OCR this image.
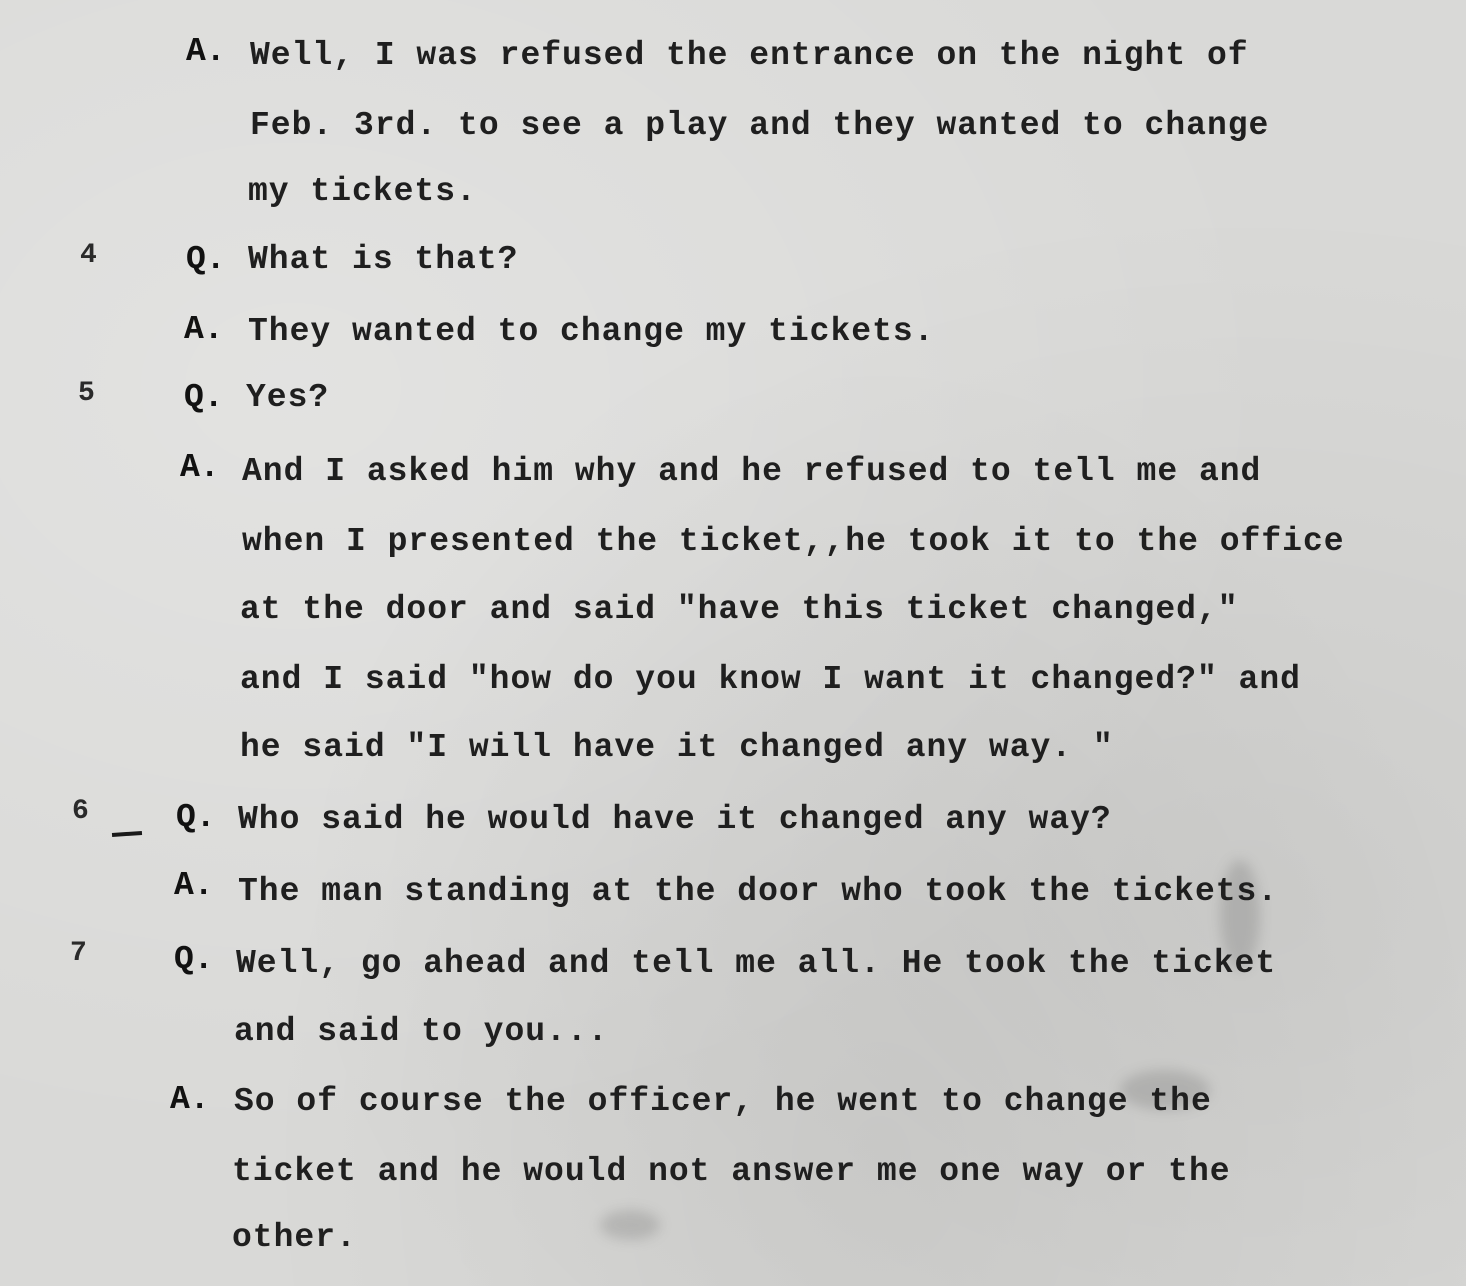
A. Well, I was refused the entrance on the night of
Feb. 3rd. to see a play and they wanted to change
my tickets.
4	Q. What is that?
A. They wanted to change my tickets.
5	Q. Yes?
A. And I asked him why and he refused to tell me and
when I presented the ticket,,he took it to the office
at the door and said "have this ticket changed,"
and I said "how do you know I want it changed?" and
he said "I will have it changed any way. "
6	Q. Who said he would have it changed any way?
A. The man standing at the door who took the tickets.
7	Q. Well, go ahead and tell me all. He took the ticket
and said to you...
A. So of course the officer, he went to change the
ticket and he would not answer me one way or the
other.
